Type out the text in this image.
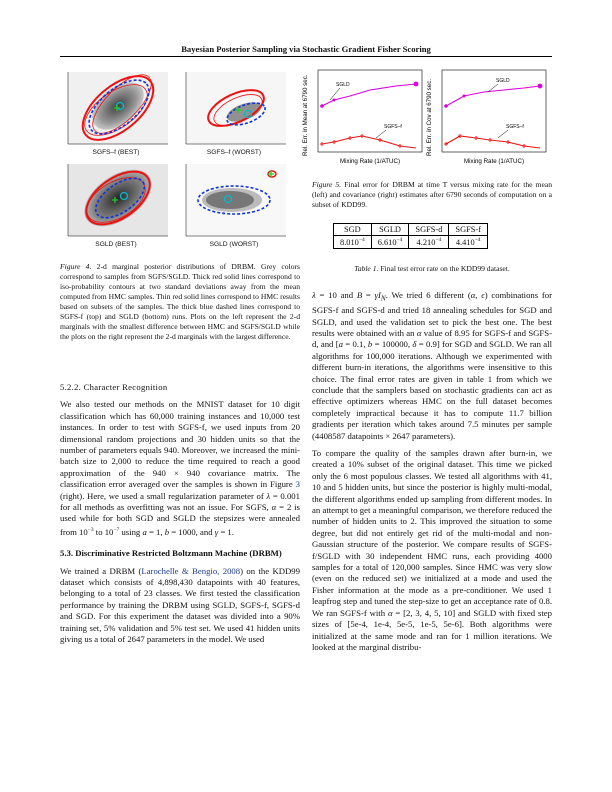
Bayesian Posterior Sampling via Stochastic Gradient Fisher Scoring
SGFS–f (BEST)	SGFS–f (WORST)
SGLD (BEST)	SGLD (WORST)
Figure 4. 2-d marginal posterior distributions of DRBM. Grey colors correspond to samples from SGFS/SGLD. Thick red solid lines correspond to iso-probability contours at two standard deviations away from the mean computed from HMC samples. Thin red solid lines correspond to HMC results based on subsets of the samples. The thick blue dashed lines correspond to SGFS-f (top) and SGLD (bottom) runs. Plots on the left represent the 2-d marginals with the smallest difference between HMC and SGFS/SGLD while the plots on the right represent the 2-d marginals with the largest difference.
5.2.2. Character Recognition

We also tested our methods on the MNIST dataset for 10 digit classification which has 60,000 training instances and 10,000 test instances. In order to test with SGFS-f, we used inputs from 20 dimensional random projections and 30 hidden units so that the number of parameters equals 940. Moreover, we increased the mini-batch size to 2,000 to reduce the time required to reach a good approximation of the 940 × 940 covariance matrix. The classification error averaged over the samples is shown in Figure 3 (right). Here, we used a small regularization parameter of λ = 0.001 for all methods as overfitting was not an issue. For SGFS, α = 2 is used while for both SGD and SGLD the stepsizes were annealed from $10^{-3}$ to $10^{-7}$ using a = 1, b = 1000, and γ = 1.

5.3. Discriminative Restricted Boltzmann Machine (DRBM)

We trained a DRBM (Larochelle & Bengio, 2008) on the KDD99 dataset which consists of 4,898,430 datapoints with 40 features, belonging to a total of 23 classes. We first tested the classification performance by training the DRBM using SGLD, SGFS-f, SGFS-d and SGD. For this experiment the dataset was divided into a 90% training set, 5% validation and 5% test set. We used 41 hidden units giving us a total of 2647 parameters in the model. We used

Rel. Err. in Mean at 6790 sec.	SGLD
SGFS–f
Mixing Rate (1/ATUC)
Rel. Err. in Cov at 6790 sec.	SGLD
SGFS–f
Mixing Rate (1/ATUC)
Figure 5. Final error for DRBM at time T versus mixing rate for the mean (left) and covariance (right) estimates after 6790 seconds of computation on a subset of KDD99.
SGD	SGLD	SGFS-d	SGFS-f
$8.010^{-4}$	$6.610^{-4}$	$4.210^{-4}$	$4.410^{-4}$
Table 1. Final test error rate on the KDD99 dataset.

λ = 10 and $B = \gamma I_N$. We tried 6 different (α, ϵ) combinations for SGFS-f and SGFS-d and tried 18 annealing schedules for SGD and SGLD, and used the validation set to pick the best one. The best results were obtained with an α value of 8.95 for SGFS-f and SGFS-d, and [a = 0.1, b = 100000, δ = 0.9] for SGD and SGLD. We ran all algorithms for 100,000 iterations. Although we experimented with different burn-in iterations, the algorithms were insensitive to this choice. The final error rates are given in table 1 from which we conclude that the samplers based on stochastic gradients can act as effective optimizers whereas HMC on the full dataset becomes completely impractical because it has to compute 11.7 billion gradients per iteration which takes around 7.5 minutes per sample (4408587 datapoints × 2647 parameters).

To compare the quality of the samples drawn after burn-in, we created a 10% subset of the original dataset. This time we picked only the 6 most populous classes. We tested all algorithms with 41, 10 and 5 hidden units, but since the posterior is highly multi-modal, the different algorithms ended up sampling from different modes. In an attempt to get a meaningful comparison, we therefore reduced the number of hidden units to 2. This improved the situation to some degree, but did not entirely get rid of the multi-modal and non-Gaussian structure of the posterior. We compare results of SGFS-f/SGLD with 30 independent HMC runs, each providing 4000 samples for a total of 120,000 samples. Since HMC was very slow (even on the reduced set) we initialized at a mode and used the Fisher information at the mode as a pre-conditioner. We used 1 leapfrog step and tuned the step-size to get an acceptance rate of 0.8. We ran SGFS-f with α = [2, 3, 4, 5, 10] and SGLD with fixed step sizes of [5e-4, 1e-4, 5e-5, 1e-5, 5e-6]. Both algorithms were initialized at the same mode and ran for 1 million iterations. We looked at the marginal distribu-
